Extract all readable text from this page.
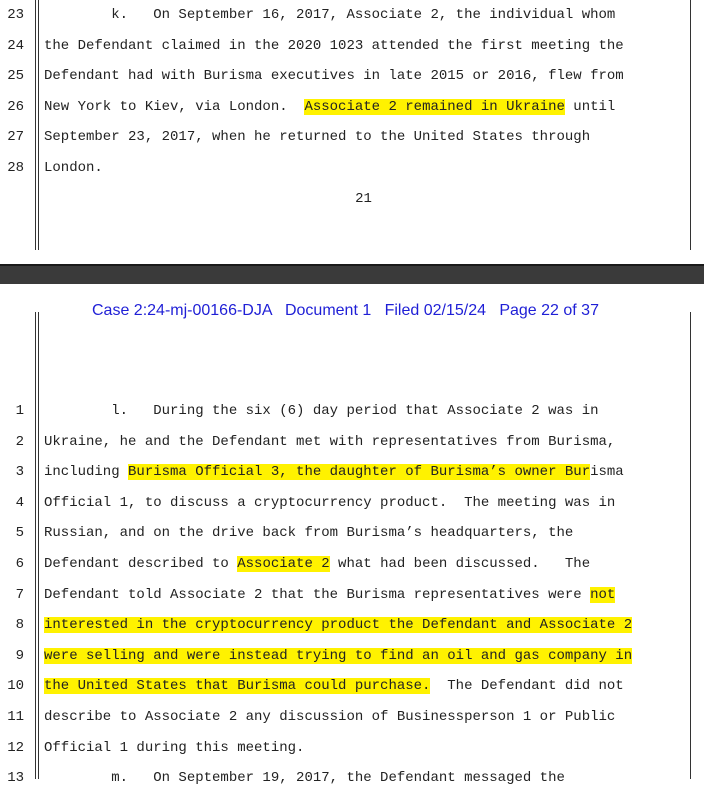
23 k.   On September 16, 2017, Associate 2, the individual whom
24 the Defendant claimed in the 2020 1023 attended the first meeting the
25 Defendant had with Burisma executives in late 2015 or 2016, flew from
26 New York to Kiev, via London.  Associate 2 remained in Ukraine until
27 September 23, 2017, when he returned to the United States through
28 London.
21
Case 2:24-mj-00166-DJA   Document 1   Filed 02/15/24   Page 22 of 37
1 l.   During the six (6) day period that Associate 2 was in
2 Ukraine, he and the Defendant met with representatives from Burisma,
3 including Burisma Official 3, the daughter of Burisma’s owner Burisma
4 Official 1, to discuss a cryptocurrency product.  The meeting was in
5 Russian, and on the drive back from Burisma’s headquarters, the
6 Defendant described to Associate 2 what had been discussed.   The
7 Defendant told Associate 2 that the Burisma representatives were not
8 interested in the cryptocurrency product the Defendant and Associate 2
9 were selling and were instead trying to find an oil and gas company in
10 the United States that Burisma could purchase.  The Defendant did not
11 describe to Associate 2 any discussion of Businessperson 1 or Public
12 Official 1 during this meeting.
13 m.   On September 19, 2017, the Defendant messaged the
